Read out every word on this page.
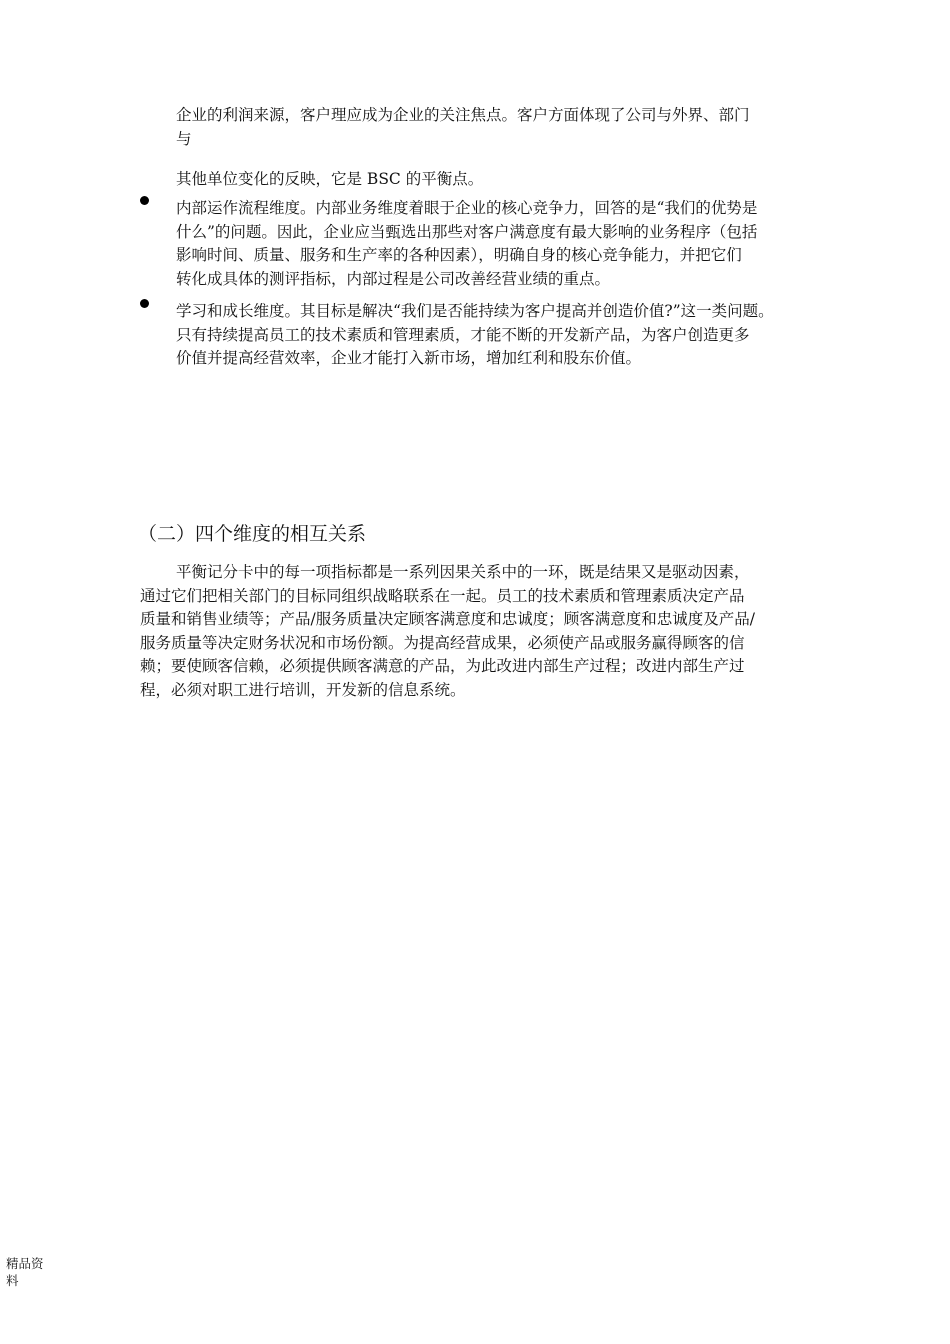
企业的利润来源，客户理应成为企业的关注焦点。客户方面体现了公司与外界、部门
与
其他单位变化的反映，它是 BSC 的平衡点。
内部运作流程维度。内部业务维度着眼于企业的核心竞争力，回答的是“我们的优势是
什么”的问题。因此，企业应当甄选出那些对客户满意度有最大影响的业务程序（包括
影响时间、质量、服务和生产率的各种因素），明确自身的核心竞争能力，并把它们
转化成具体的测评指标，内部过程是公司改善经营业绩的重点。
学习和成长维度。其目标是解决“我们是否能持续为客户提高并创造价值?”这一类问题。
只有持续提高员工的技术素质和管理素质，才能不断的开发新产品，为客户创造更多
价值并提高经营效率，企业才能打入新市场，增加红利和股东价值。
（二）四个维度的相互关系
平衡记分卡中的每一项指标都是一系列因果关系中的一环，既是结果又是驱动因素，
通过它们把相关部门的目标同组织战略联系在一起。员工的技术素质和管理素质决定产品
质量和销售业绩等；产品/服务质量决定顾客满意度和忠诚度；顾客满意度和忠诚度及产品/
服务质量等决定财务状况和市场份额。为提高经营成果，必须使产品或服务赢得顾客的信
赖；要使顾客信赖，必须提供顾客满意的产品，为此改进内部生产过程；改进内部生产过
程，必须对职工进行培训，开发新的信息系统。
精品资
料
